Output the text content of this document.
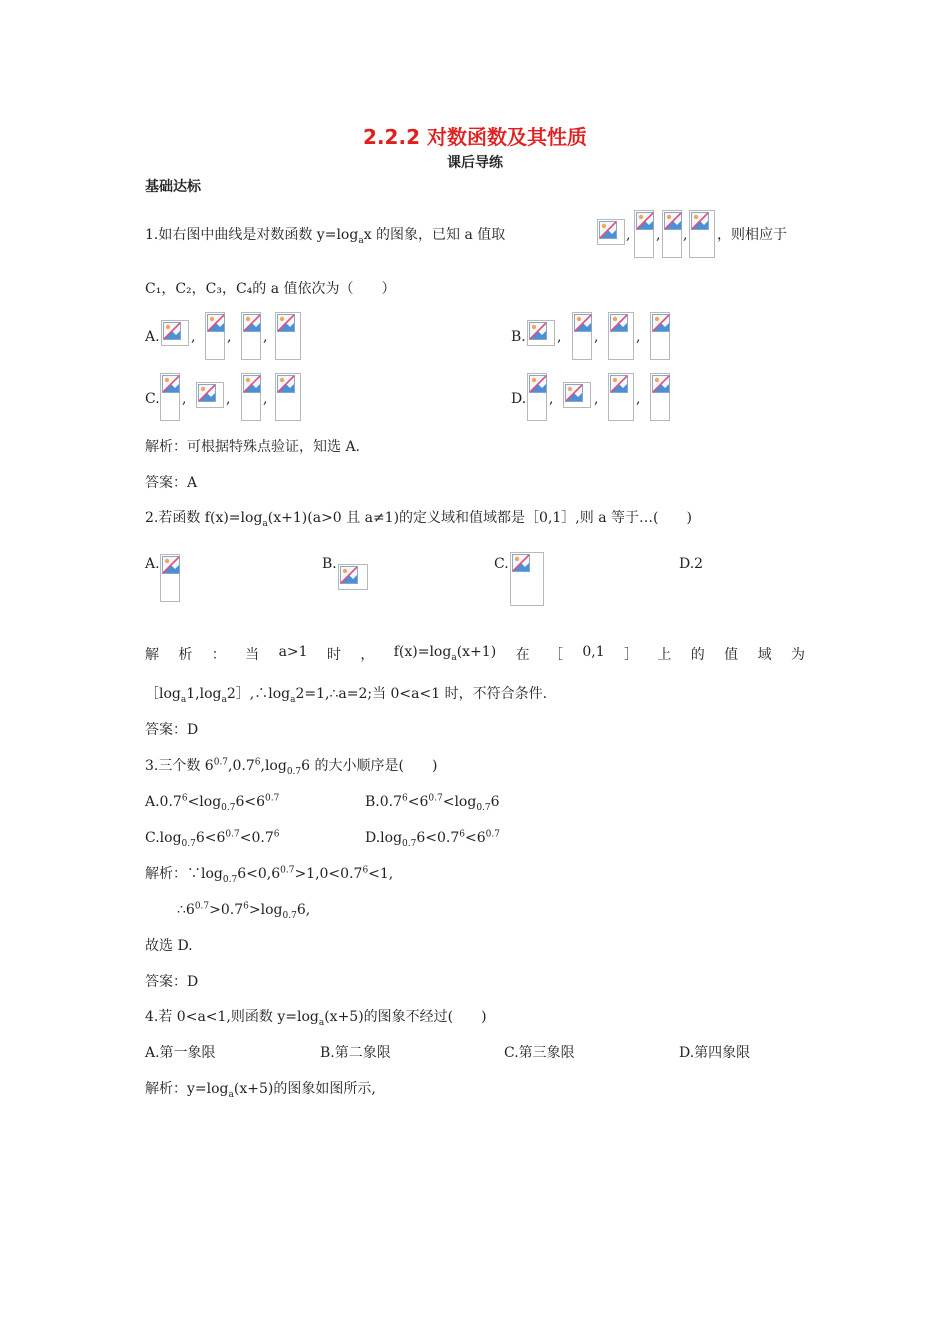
2.2.2 对数函数及其性质
课后导练
基础达标
1.如右图中曲线是对数函数 $y=\log_ax$ 的图象，已知 a 值取	, , , ，则相应于
C₁，C₂，C₃，C₄的 a 值依次为（　　）
A. , , ,	B. , ,	,
C. ,	, ,	D. ,	,	,
解析：可根据特殊点验证，知选 A.
答案：A
2.若函数 $f(x)=\log_a(x+1)(a>0$ 且 a≠1)的定义域和值域都是［0,1］,则 a 等于…(　　)
A.	B.	C.	D.2
解 析 ： 当 a>1 时 ， $f(x)=\log_a(x+1)$ 在 ［ 0,1 ］ 上 的 值 域 为
$[\log_a1,\log_a2],\therefore\log_a2=1,\therefore a=2$;当 0<a<1 时，不符合条件.
答案：D
3.三个数 $6^{0.7},0.7^6,\log_{0.7}6$ 的大小顺序是(　　)
$A.0.7^6<\log_{0.7}6<6^{0.7}$	$B.0.7^6<6^{0.7}<\log_{0.7}6$
$C.\log_{0.7}6<6^{0.7}<0.7^6$	$D.\log_{0.7}6<0.7^6<6^{0.7}$
解析：$\because\log_{0.7}6<0,6^{0.7}>1,0<0.7^6<1$,
$\therefore 6^{0.7}>0.7^6>\log_{0.7}6$,
故选 D.
答案：D
4.若 0<a<1,则函数 $y=\log_a(x+5)$的图象不经过(　　)
A.第一象限	B.第二象限	C.第三象限	D.第四象限
解析：$y=\log_a(x+5)$的图象如图所示,
